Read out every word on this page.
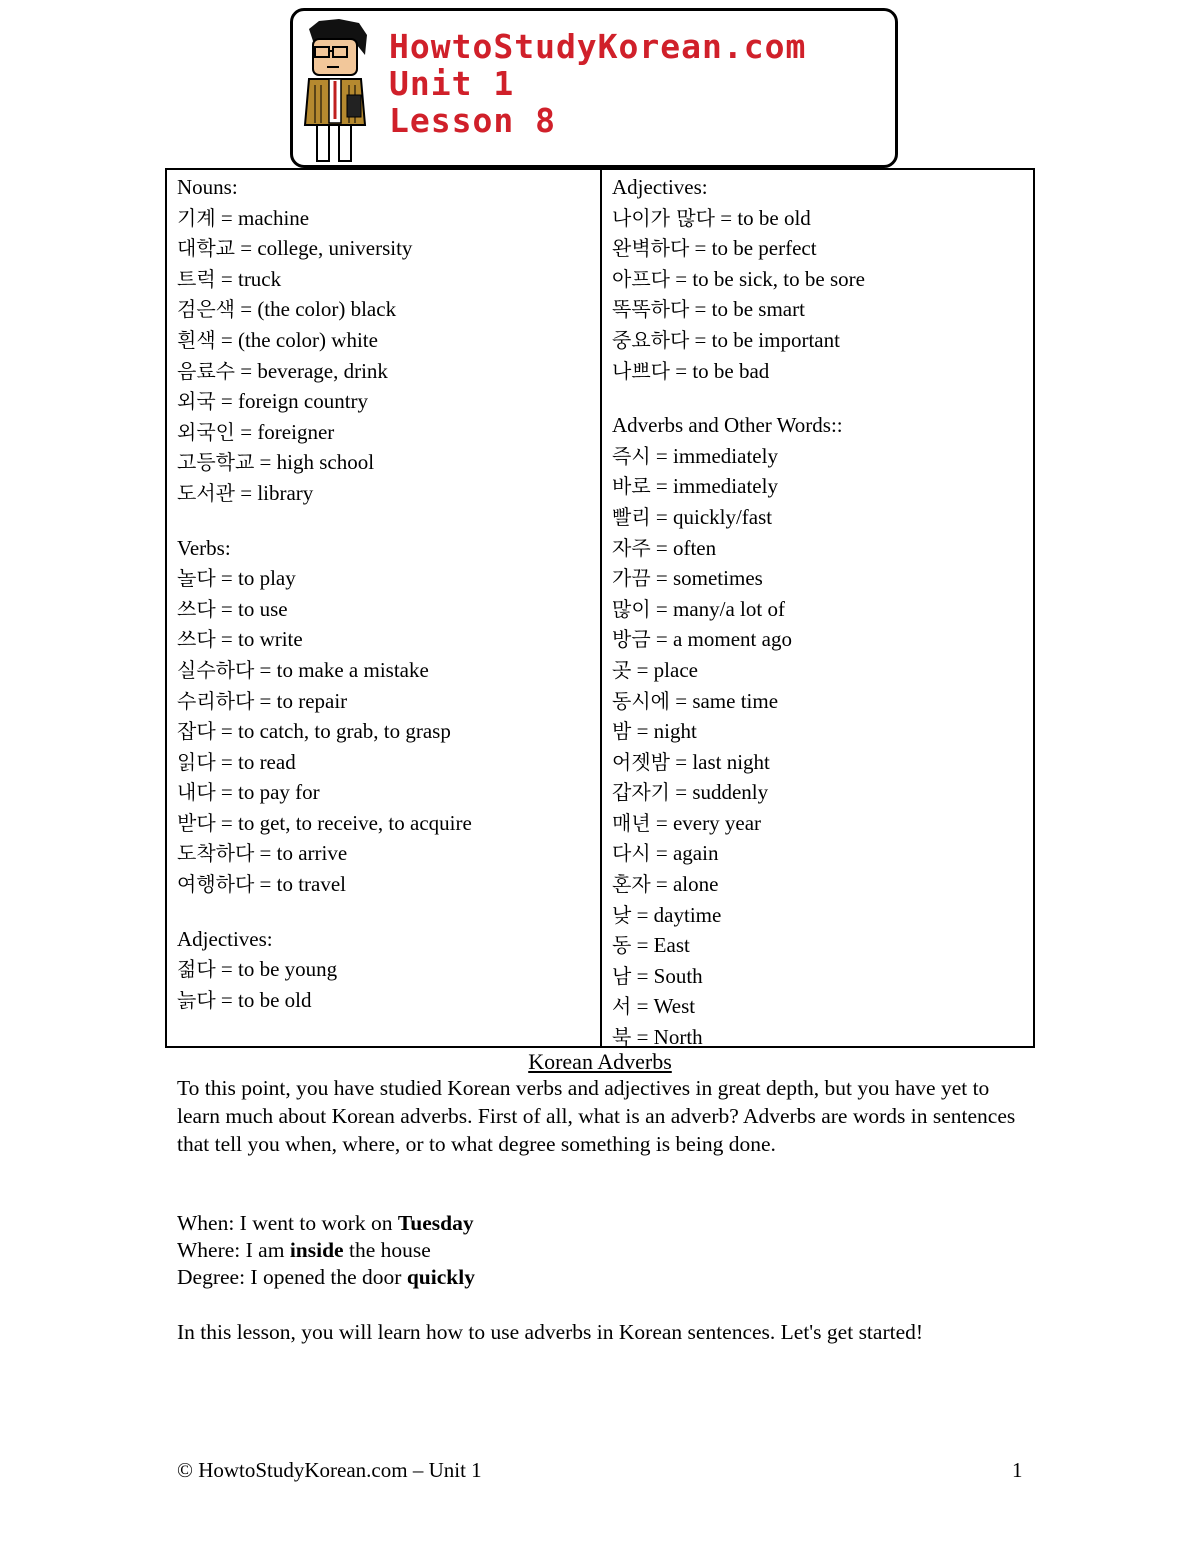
HowtoStudyKorean.com
Unit 1
Lesson 8
Nouns:
기계 = machine
대학교 = college, university
트럭 = truck
검은색 = (the color) black
흰색 = (the color) white
음료수 = beverage, drink
외국 = foreign country
외국인 = foreigner
고등학교 = high school
도서관 = library
Verbs:
놀다 = to play
쓰다 = to use
쓰다 = to write
실수하다 = to make a mistake
수리하다 = to repair
잡다 = to catch, to grab, to grasp
읽다 = to read
내다 = to pay for
받다 = to get, to receive, to acquire
도착하다 = to arrive
여행하다 = to travel
Adjectives:
젊다 = to be young
늙다 = to be old
Adjectives:
나이가 많다 = to be old
완벽하다 = to be perfect
아프다 = to be sick, to be sore
똑똑하다 = to be smart
중요하다 = to be important
나쁘다 = to be bad
Adverbs and Other Words::
즉시 = immediately
바로 = immediately
빨리 = quickly/fast
자주 = often
가끔 = sometimes
많이 = many/a lot of
방금 = a moment ago
곳 = place
동시에 = same time
밤 = night
어젯밤 = last night
갑자기 = suddenly
매년 = every year
다시 = again
혼자 = alone
낮 = daytime
동 = East
남 = South
서 = West
북 = North
Korean Adverbs
To this point, you have studied Korean verbs and adjectives in great depth, but you have yet to learn much about Korean adverbs. First of all, what is an adverb? Adverbs are words in sentences that tell you when, where, or to what degree something is being done.
When: I went to work on Tuesday
Where: I am inside the house
Degree: I opened the door quickly
In this lesson, you will learn how to use adverbs in Korean sentences. Let's get started!
© HowtoStudyKorean.com – Unit 1	1
